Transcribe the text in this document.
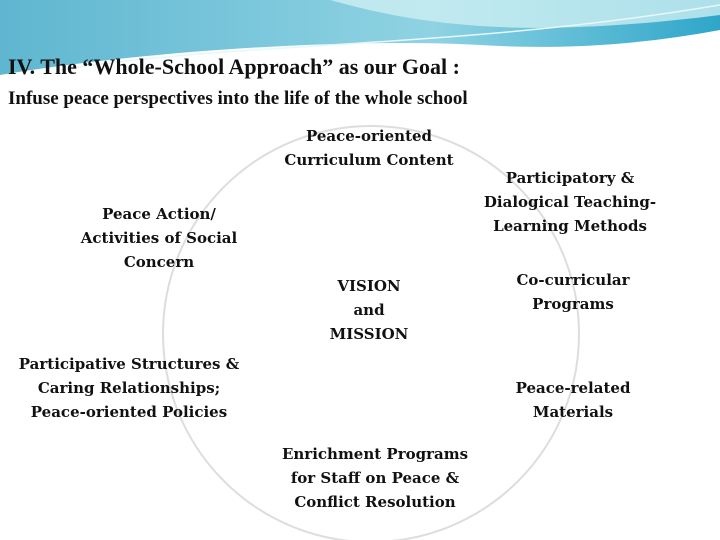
IV. The “Whole-School Approach” as our Goal :
Infuse peace perspectives into the life of the whole school
Peace-oriented
Curriculum Content
Participatory &
Dialogical Teaching-
Learning Methods
Co-curricular
Programs
Peace-related
Materials
Enrichment Programs
for Staff on Peace &
Conflict Resolution
Participative Structures &
Caring Relationships;
Peace-oriented Policies
Peace Action/
Activities of Social
Concern
VISION
and
MISSION
